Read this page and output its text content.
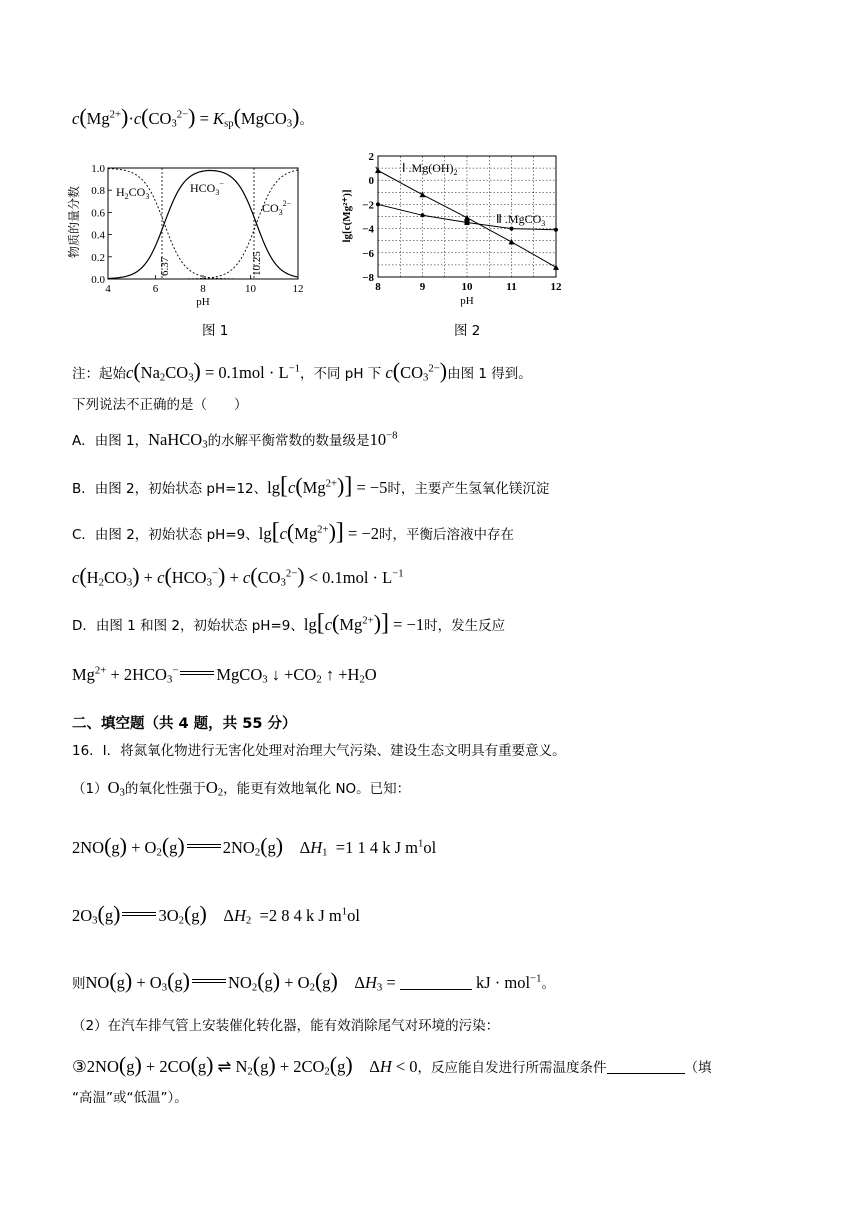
$c(Mg^{2+})\cdot c(CO_3^{2-})$ = $K_{sp}(MgCO_3)$。
1.0
0.8
0.6
0.4
0.2
0.0
4	6	8	10	12
6.37	10.25
$H_2CO_3$
$HCO_3^-$
$CO_3^{2-}$
物质的量分数
pH
图 1
2
0
−2
−4
−6
−8
8	9	10	11	12
Ⅰ $.Mg(OH)_2$
Ⅱ .MgCO$_3$
lg[c(Mg²⁺)]
pH
图 2
注：起始$c(Na_2CO_3) = 0.1mol \cdot L^{-1}$，不同 pH 下 $c(CO_3^{2-})$由图 1 得到。
下列说法不正确的是（　　）
A．由图 1，NaHCO$_3$的水解平衡常数的数量级是$10^{-8}$
B．由图 2，初始状态 pH=12、$\lg[c(Mg^{2+})] = -5$时，主要产生氢氧化镁沉淀
C．由图 2，初始状态 pH=9、$\lg[c(Mg^{2+})] = -2$时，平衡后溶液中存在
$c(H_2CO_3) + c(HCO_3^-) + c(CO_3^{2-}) < 0.1mol \cdot L^{-1}$
D．由图 1 和图 2，初始状态 pH=9、$\lg[c(Mg^{2+})] = -1$时，发生反应
$Mg^{2+} + 2HCO_3^-$ MgCO$_3$ ↓ $+CO_2$ ↑ $+H_2O$
二、填空题（共 4 题，共 55 分）
16．Ⅰ．将氮氧化物进行无害化处理对治理大气污染、建设生态文明具有重要意义。
$(1)O_3$的氧化性强于$O_2$，能更有效地氧化 NO。已知：
$2NO(g) + O_2(g)$ $2NO_2(g)$    $\Delta H_1 =1$ 1 4 k J $m^1ol$
$2O_3(g)$ $3O_2(g)$    $\Delta H_2 =2$ 8 4 k J $m^1ol$
则$NO(g) + O_3(g) NO_2(g) + O_2(g)$    $\Delta H_3$ =	kJ · mol$^{-1}$。
（2）在汽车排气管上安装催化转化器，能有效消除尾气对环境的污染：
③2NO(g) + 2CO(g) ⇌ $N_2(g) + 2CO_2(g)$    ΔH < 0，反应能自发进行所需温度条件	（填
“高温”或“低温”）。
